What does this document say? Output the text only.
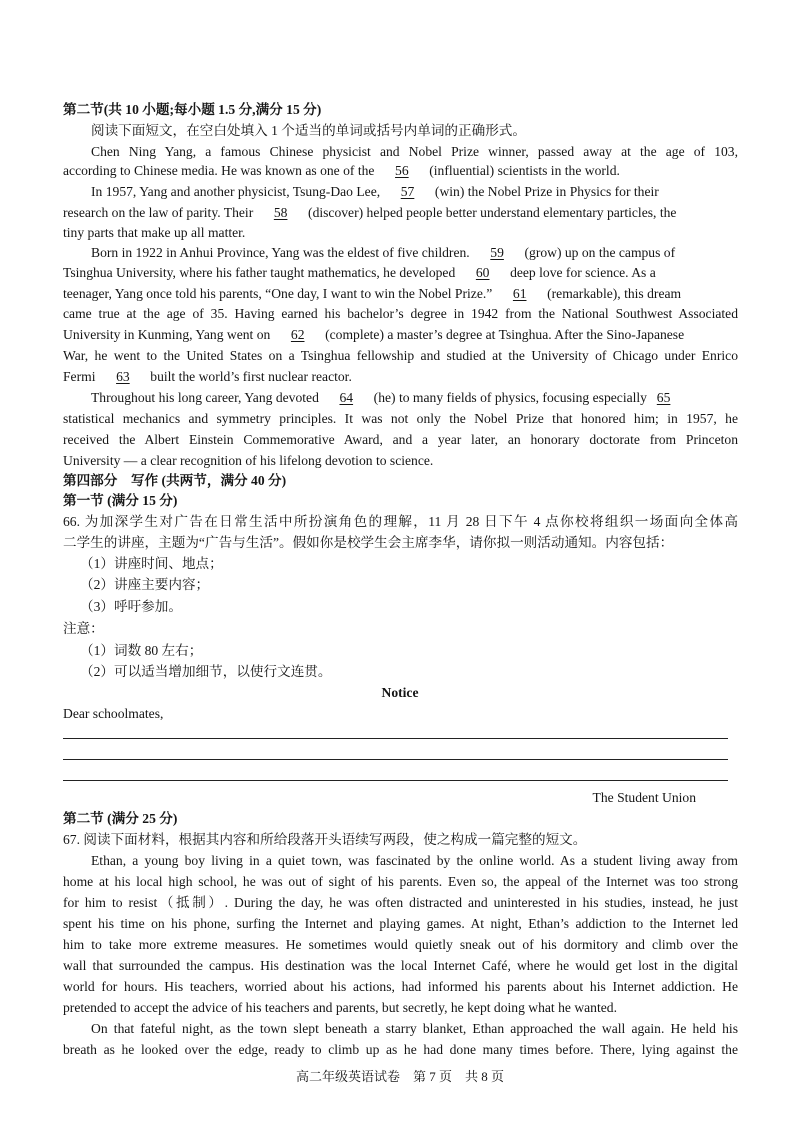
第二节(共 10 小题;每小题 1.5 分,满分 15 分)
阅读下面短文，在空白处填入 1 个适当的单词或括号内单词的正确形式。
Chen Ning Yang, a famous Chinese physicist and Nobel Prize winner, passed away at the age of 103,
according to Chinese media. He was known as one of the 56 (influential) scientists in the world.
In 1957, Yang and another physicist, Tsung-Dao Lee, 57 (win) the Nobel Prize in Physics for their
research on the law of parity. Their 58 (discover) helped people better understand elementary particles, the
tiny parts that make up all matter.
Born in 1922 in Anhui Province, Yang was the eldest of five children. 59 (grow) up on the campus of
Tsinghua University, where his father taught mathematics, he developed 60 deep love for science. As a
teenager, Yang once told his parents, “One day, I want to win the Nobel Prize.” 61 (remarkable), this dream
came true at the age of 35. Having earned his bachelor’s degree in 1942 from the National Southwest Associated
University in Kunming, Yang went on 62 (complete) a master’s degree at Tsinghua. After the Sino-Japanese
War, he went to the United States on a Tsinghua fellowship and studied at the University of Chicago under Enrico
Fermi 63 built the world’s first nuclear reactor.
Throughout his long career, Yang devoted 64 (he) to many fields of physics, focusing especially 65
statistical mechanics and symmetry principles. It was not only the Nobel Prize that honored him; in 1957, he
received the Albert Einstein Commemorative Award, and a year later, an honorary doctorate from Princeton
University — a clear recognition of his lifelong devotion to science.
第四部分　写作 (共两节，满分 40 分)
第一节 (满分 15 分)
66. 为加深学生对广告在日常生活中所扮演角色的理解，11 月 28 日下午 4 点你校将组织一场面向全体高
二学生的讲座，主题为“广告与生活”。假如你是校学生会主席李华，请你拟一则活动通知。内容包括：
（1）讲座时间、地点；
（2）讲座主要内容；
（3）呼吁参加。
注意：
（1）词数 80 左右；
（2）可以适当增加细节，以使行文连贯。
Notice
Dear schoolmates,
The Student Union
第二节 (满分 25 分)
67. 阅读下面材料，根据其内容和所给段落开头语续写两段，使之构成一篇完整的短文。
Ethan, a young boy living in a quiet town, was fascinated by the online world. As a student living away from
home at his local high school, he was out of sight of his parents. Even so, the appeal of the Internet was too strong
for him to resist（抵制）. During the day, he was often distracted and uninterested in his studies, instead, he just
spent his time on his phone, surfing the Internet and playing games. At night, Ethan’s addiction to the Internet led
him to take more extreme measures. He sometimes would quietly sneak out of his dormitory and climb over the
wall that surrounded the campus. His destination was the local Internet Café, where he would get lost in the digital
world for hours. His teachers, worried about his actions, had informed his parents about his Internet addiction. He
pretended to accept the advice of his teachers and parents, but secretly, he kept doing what he wanted.
On that fateful night, as the town slept beneath a starry blanket, Ethan approached the wall again. He held his
breath as he looked over the edge, ready to climb up as he had done many times before. There, lying against the
高二年级英语试卷　第 7 页　共 8 页
